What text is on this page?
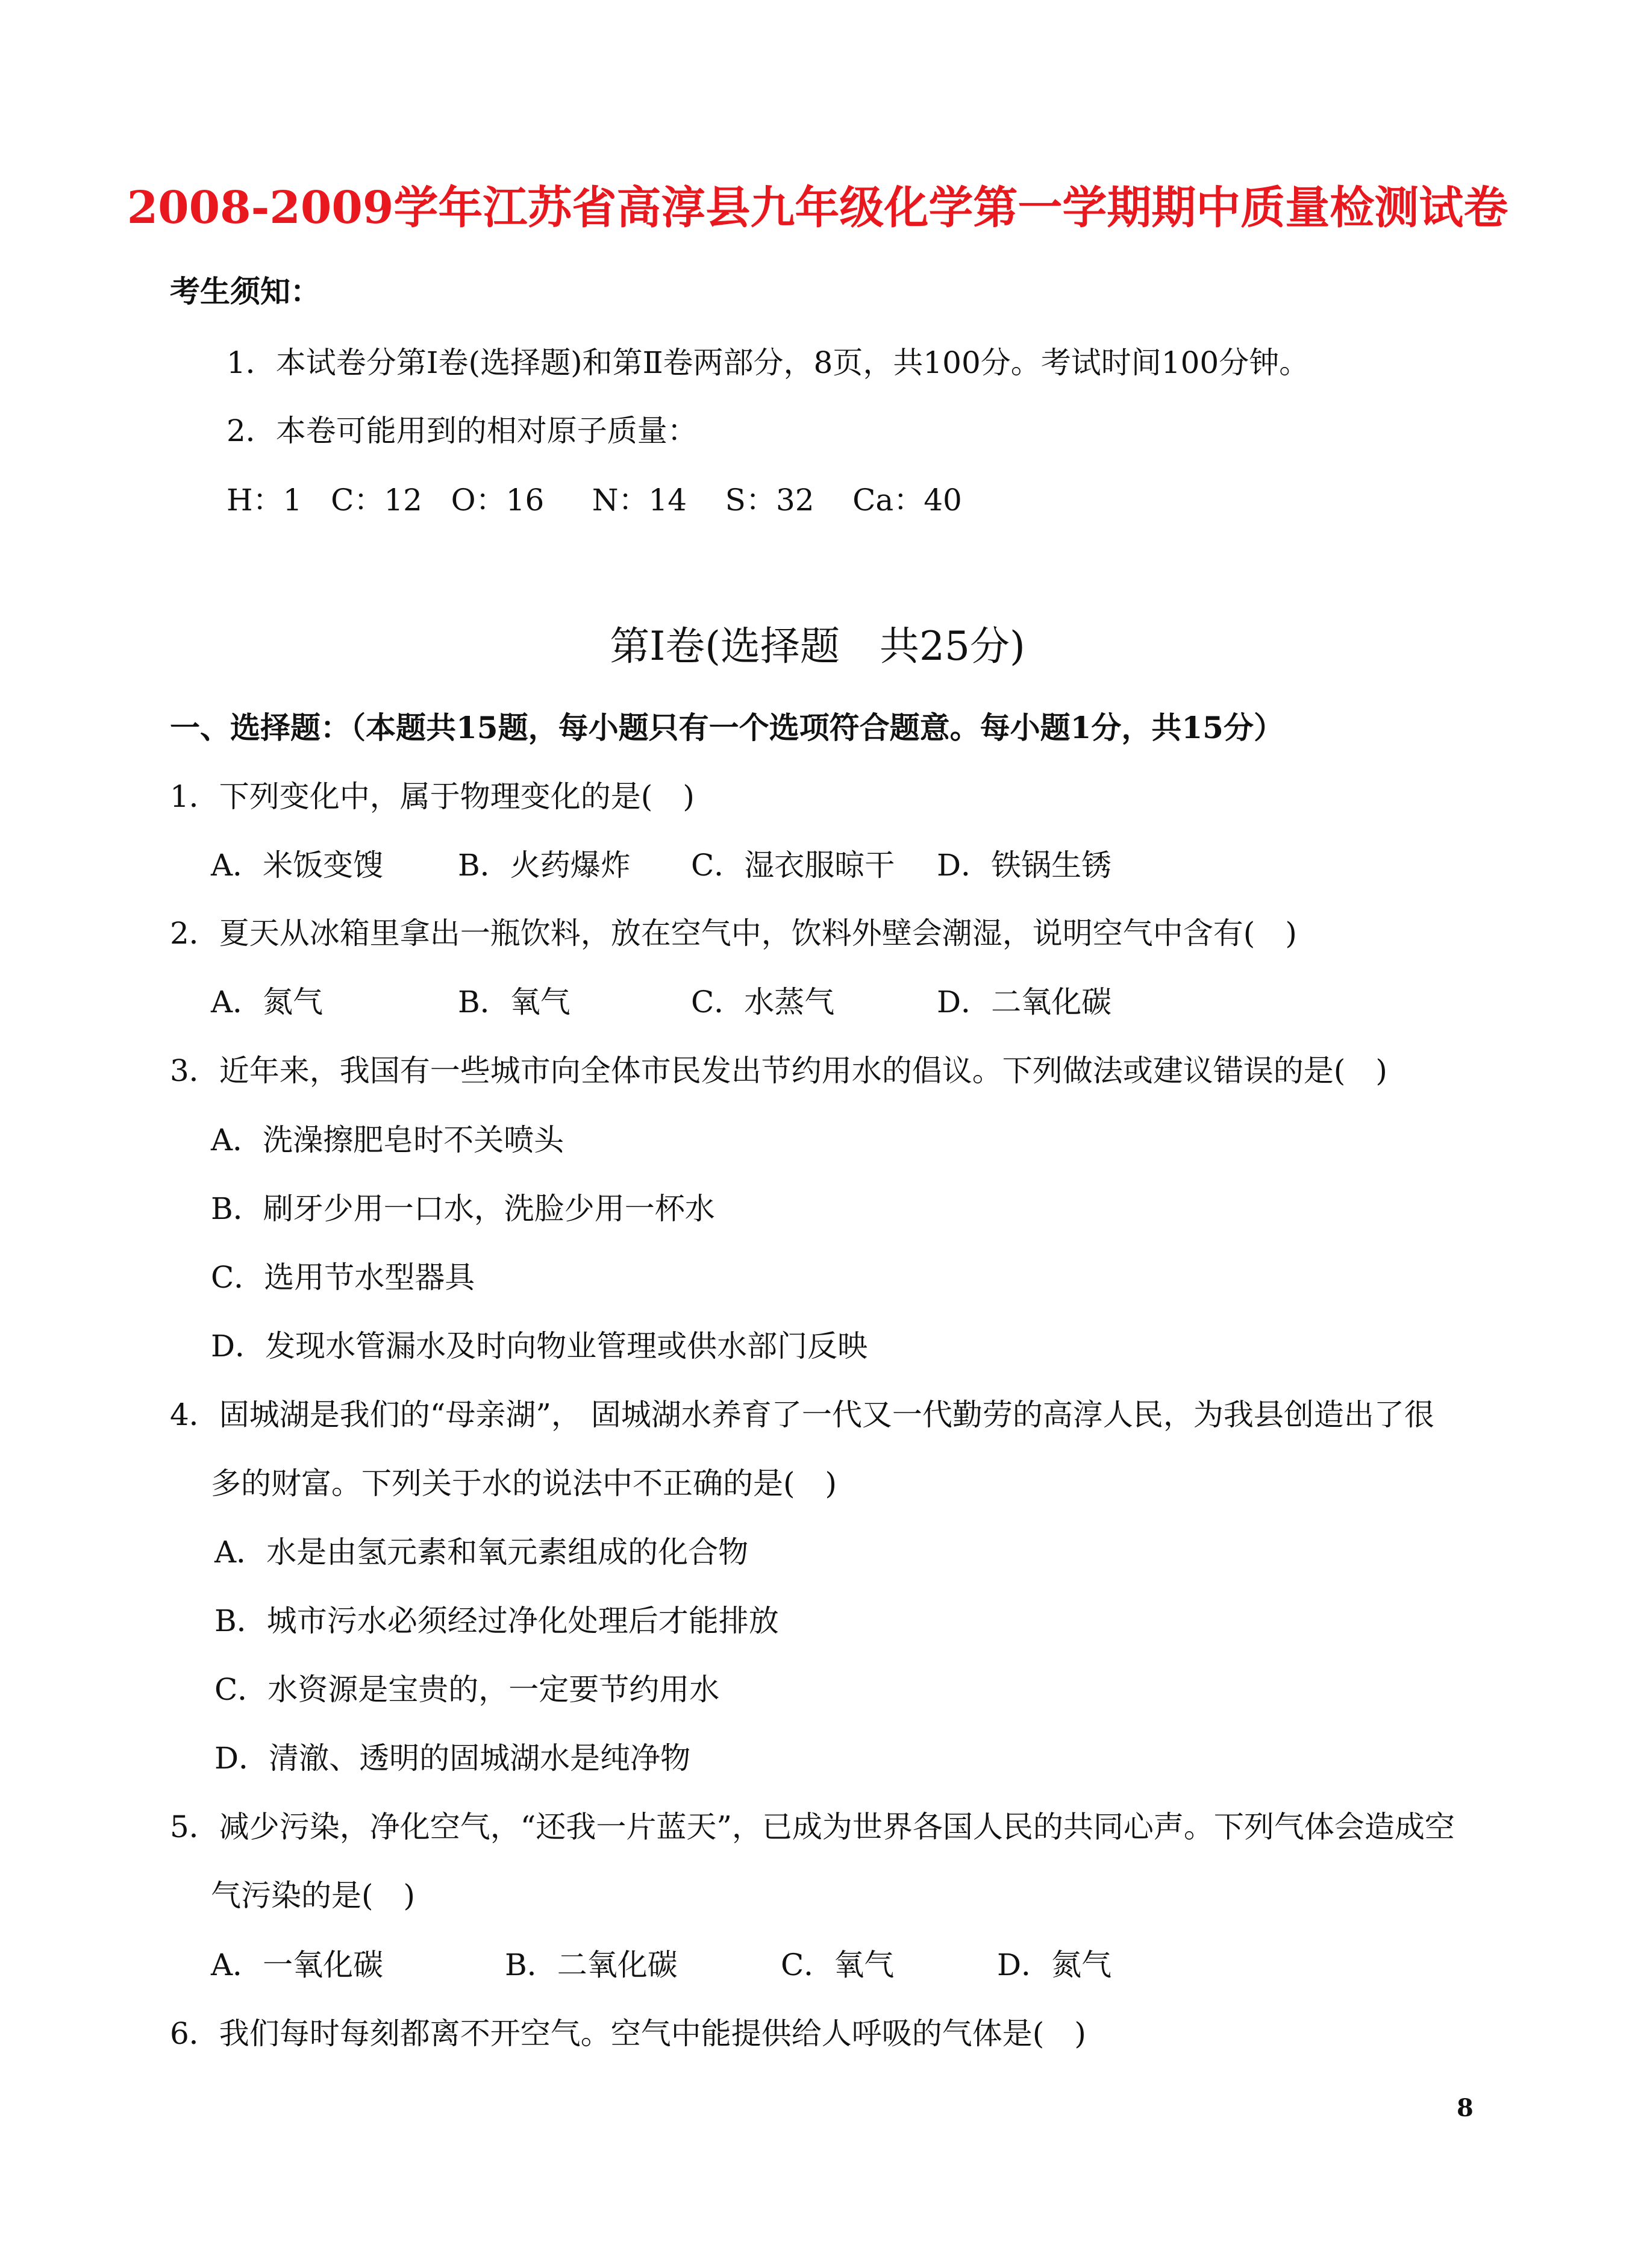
2008-2009学年江苏省高淳县九年级化学第一学期期中质量检测试卷

考生须知：

1．本试卷分第Ⅰ卷(选择题)和第Ⅱ卷两部分，8页，共100分。考试时间100分钟。

2．本卷可能用到的相对原子质量：

H：1   C：12   O：16     N：14    S：32    Ca：40

第Ⅰ卷(选择题　共25分)

一、选择题：（本题共15题，每小题只有一个选项符合题意。每小题1分，共15分）

1．下列变化中，属于物理变化的是(　)

A．米饭变馊 B．火药爆炸 C．湿衣服晾干 D．铁锅生锈

2．夏天从冰箱里拿出一瓶饮料，放在空气中，饮料外壁会潮湿，说明空气中含有(　)

A．氮气	B．氧气	C．水蒸气	D．二氧化碳

3．近年来，我国有一些城市向全体市民发出节约用水的倡议。下列做法或建议错误的是(　)

A．洗澡擦肥皂时不关喷头
B．刷牙少用一口水，洗脸少用一杯水
C．选用节水型器具
D．发现水管漏水及时向物业管理或供水部门反映

4．固城湖是我们的“母亲湖”， 固城湖水养育了一代又一代勤劳的高淳人民，为我县创造出了很

多的财富。下列关于水的说法中不正确的是(　)

A．水是由氢元素和氧元素组成的化合物
B．城市污水必须经过净化处理后才能排放
C．水资源是宝贵的，一定要节约用水
D．清澈、透明的固城湖水是纯净物

5．减少污染，净化空气，“还我一片蓝天”，已成为世界各国人民的共同心声。下列气体会造成空

气污染的是(　)

A．一氧化碳	B．二氧化碳	C．氧气	D．氮气

6．我们每时每刻都离不开空气。空气中能提供给人呼吸的气体是(　)

8
